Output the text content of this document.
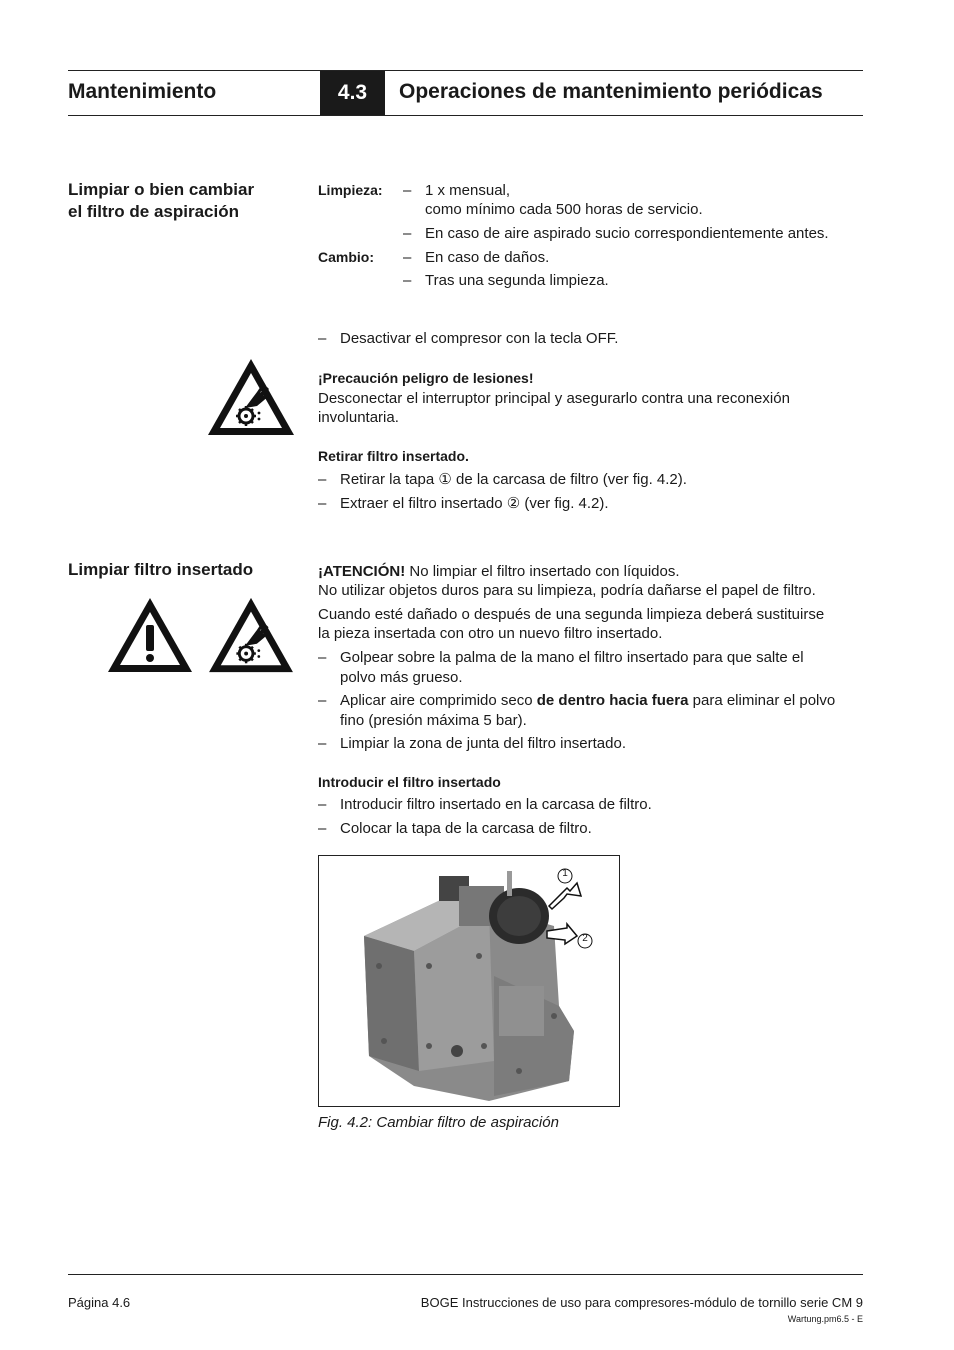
Mantenimiento	4.3	Operaciones de mantenimiento periódicas
Limpiar o bien cambiar
el filtro de aspiración
Limpieza: – 1 x mensual,
como mínimo cada 500 horas de servicio.
– En caso de aire aspirado sucio correspondientemente antes.
Cambio: – En caso de daños.
– Tras una segunda limpieza.
– Desactivar el compresor con la tecla OFF.
¡Precaución peligro de lesiones!
Desconectar el interruptor principal y asegurarlo contra una reconexión
involuntaria.
Retirar filtro insertado.
– Retirar la tapa ① de la carcasa de filtro (ver fig. 4.2).
– Extraer el filtro insertado ② (ver fig. 4.2).
Limpiar filtro insertado	¡ATENCIÓN! No limpiar el filtro insertado con líquidos.
No utilizar objetos duros para su limpieza, podría dañarse el papel de filtro.
Cuando esté dañado o después de una segunda limpieza deberá sustituirse
la pieza insertada con otro un nuevo filtro insertado.
– Golpear sobre la palma de la mano el filtro insertado para que salte el
polvo más grueso.
– Aplicar aire comprimido seco de dentro hacia fuera para eliminar el polvo
fino (presión máxima 5 bar).
– Limpiar la zona de junta del filtro insertado.
Introducir el filtro insertado
– Introducir filtro insertado en la carcasa de filtro.
– Colocar la tapa de la carcasa de filtro.
1
2
Fig. 4.2: Cambiar filtro de aspiración
Página 4.6	BOGE Instrucciones de uso para compresores-módulo de tornillo serie CM 9
Wartung.pm6.5 - E
